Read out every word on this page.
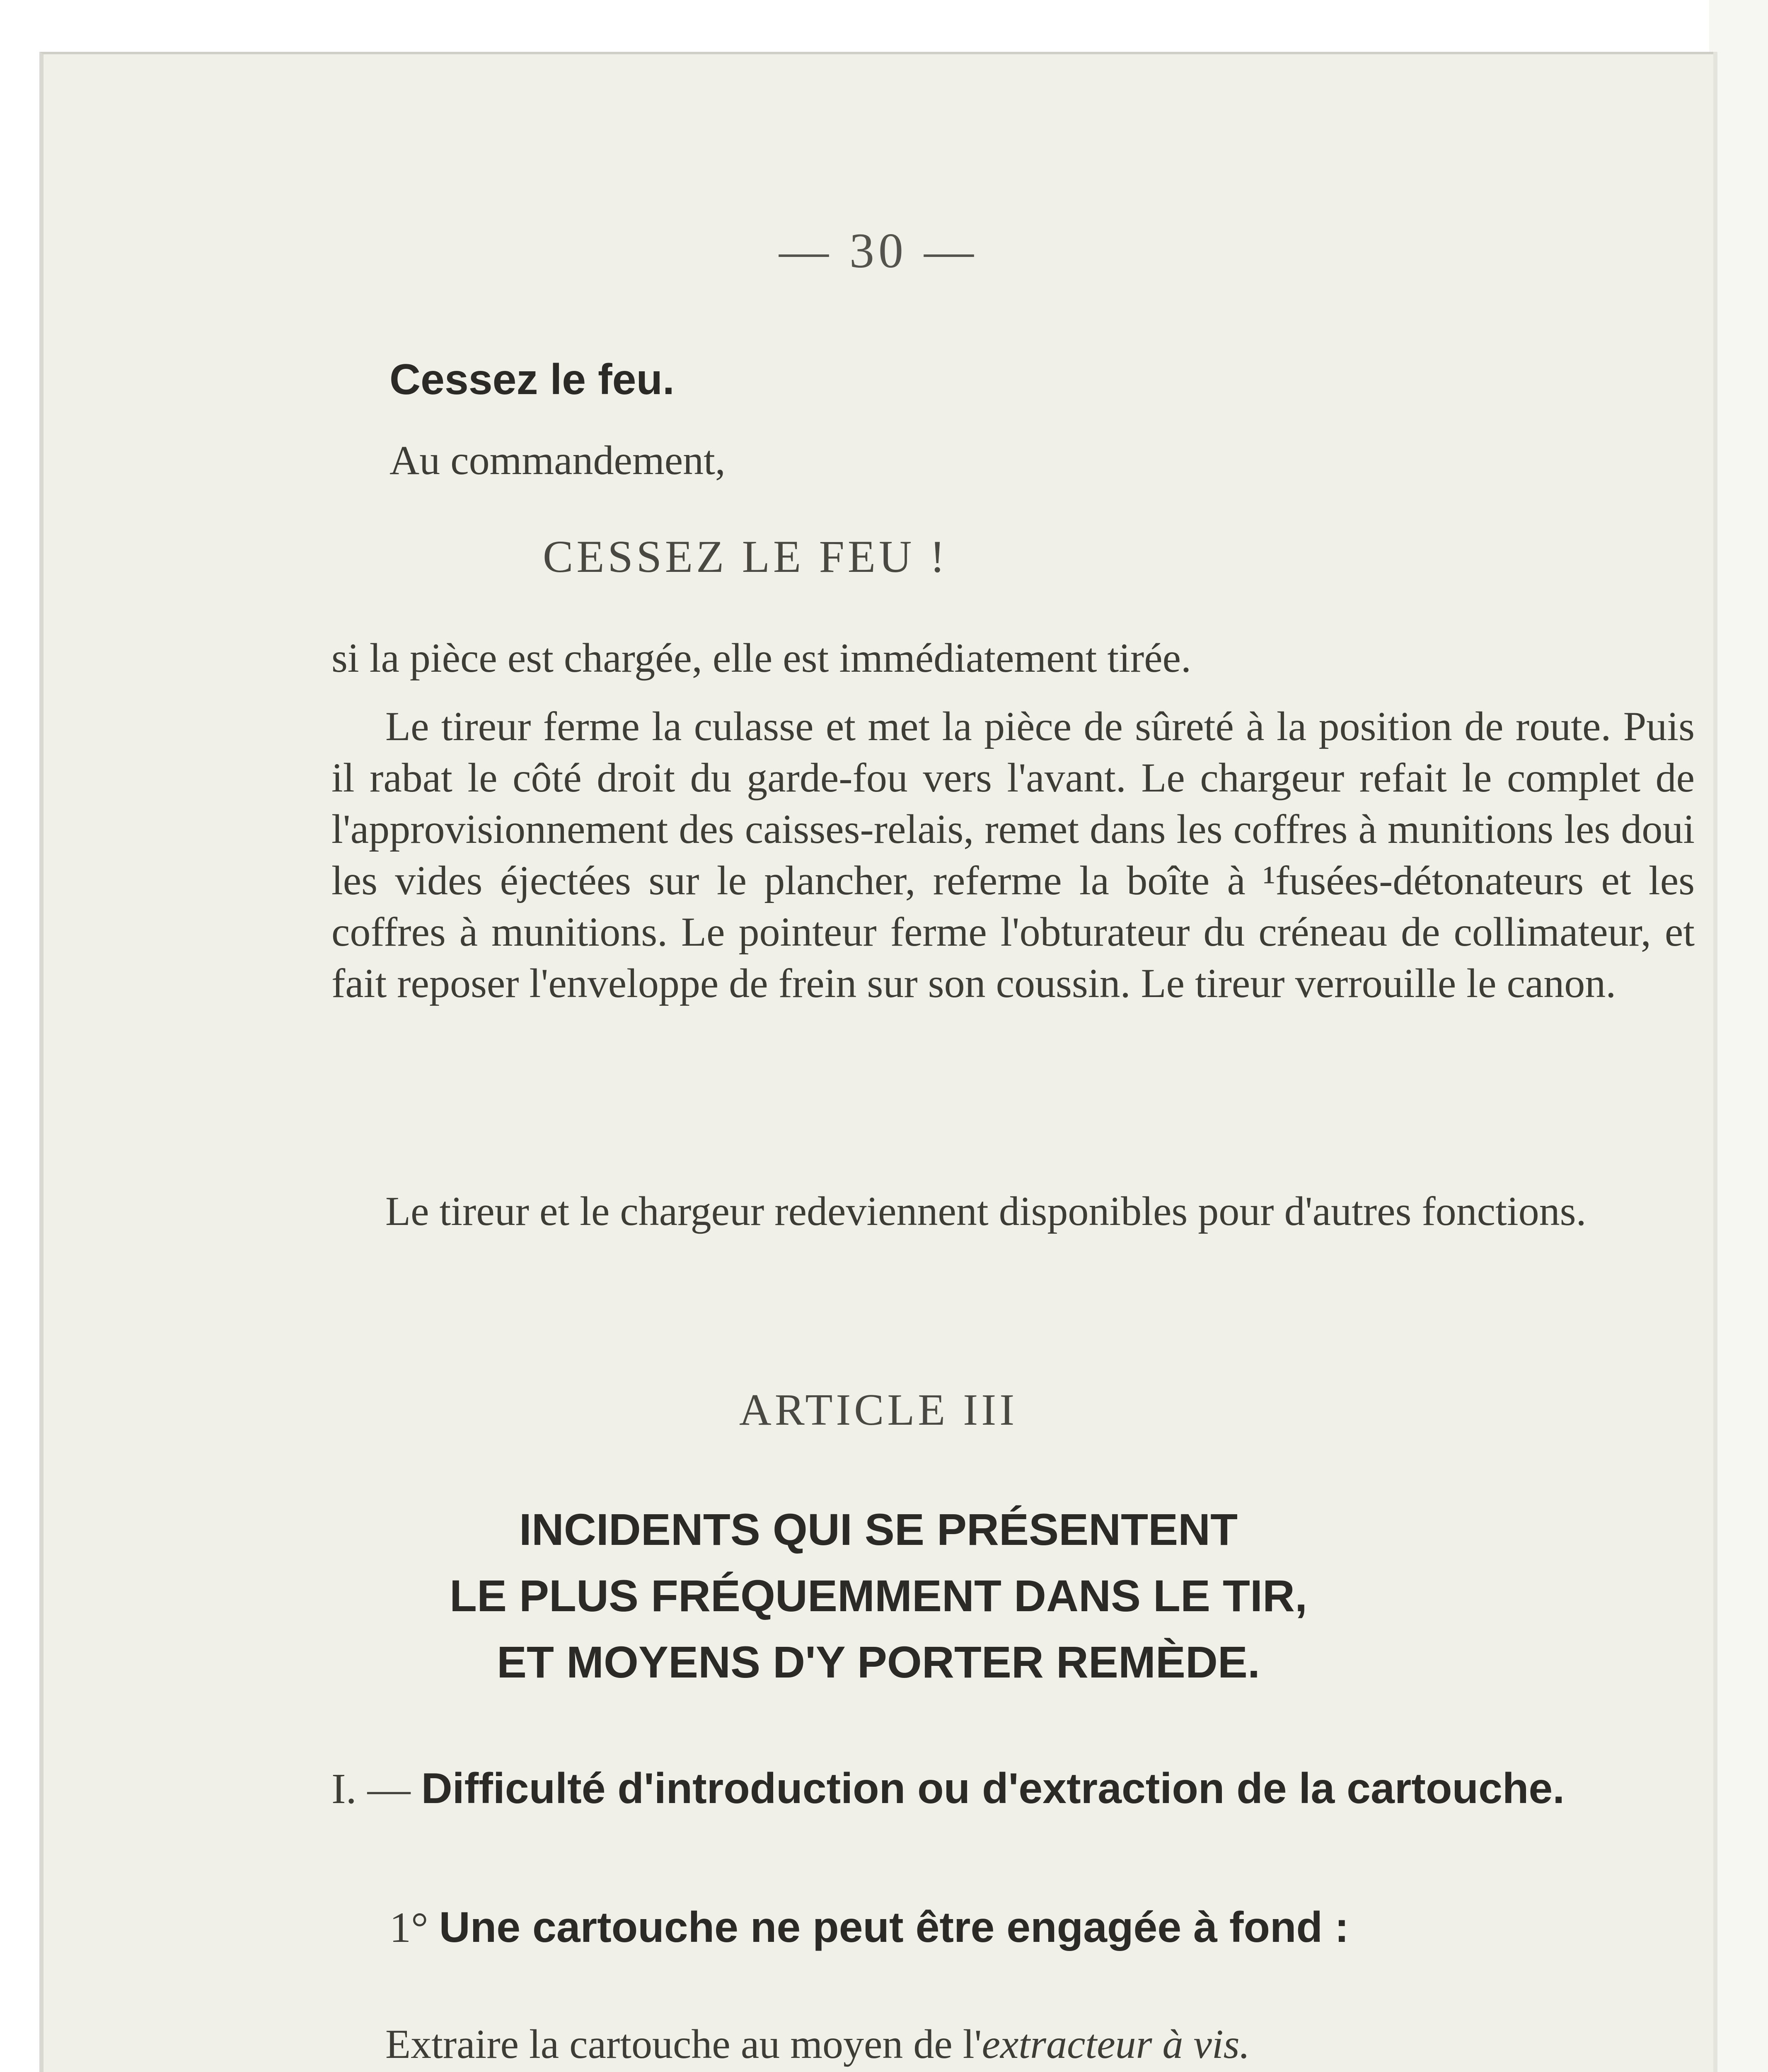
— 30 —
Cessez le feu.
Au commandement,
CESSEZ LE FEU !
si la pièce est chargée, elle est immédiatement tirée.
Le tireur ferme la culasse et met la pièce de sûreté à la position de route. Puis il rabat le côté droit du garde-fou vers l'avant. Le chargeur refait le complet de l'approvisionnement des caisses-relais, remet dans les coffres à munitions les doui les vides éjectées sur le plancher, referme la boîte à ¹fusées-détonateurs et les coffres à munitions. Le pointeur ferme l'obturateur du créneau de collimateur, et fait reposer l'enveloppe de frein sur son coussin. Le tireur verrouille le canon.
Le tireur et le chargeur redeviennent disponibles pour d'autres fonctions.
ARTICLE III
INCIDENTS QUI SE PRÉSENTENT
LE PLUS FRÉQUEMMENT DANS LE TIR,
ET MOYENS D'Y PORTER REMÈDE.
I. — Difficulté d'introduction ou d'extraction de la cartouche.
1° Une cartouche ne peut être engagée à fond :
Extraire la cartouche au moyen de l'extracteur à vis.
